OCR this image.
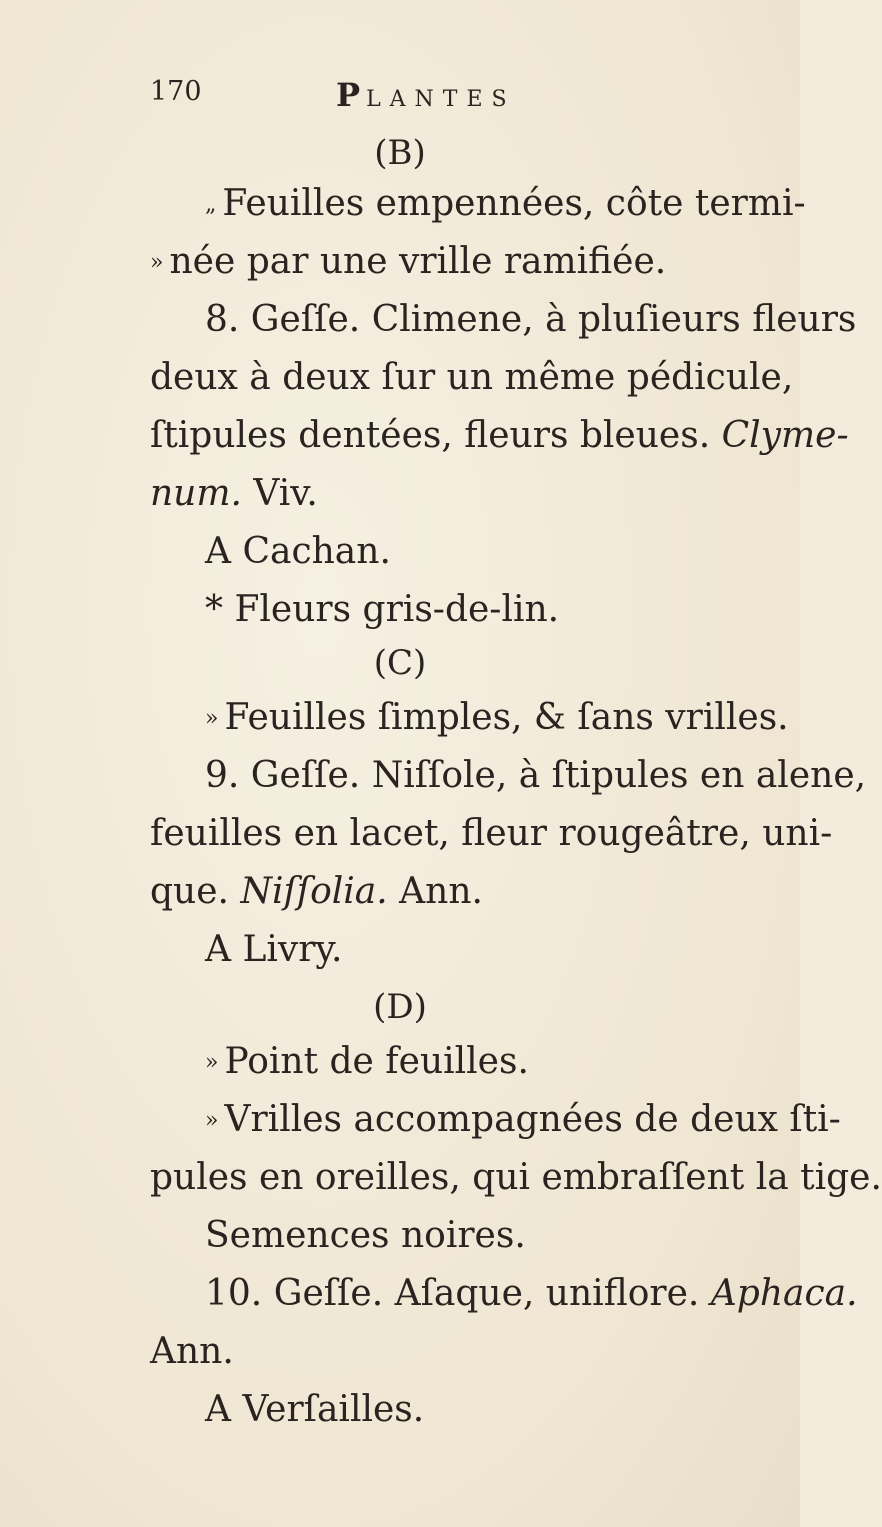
170	PLANTES
(B)
„ Feuilles empennées, côte termi-
» née par une vrille ramifiée.
8. Geſſe. Climene, à pluſieurs fleurs
deux à deux ſur un même pédicule,
ſtipules dentées, fleurs bleues. Clyme-
num. Viv.
A Cachan.
* Fleurs gris-de-lin.
(C)
» Feuilles ſimples, & ſans vrilles.
9. Geſſe. Niſſole, à ſtipules en alene,
feuilles en lacet, fleur rougeâtre, uni-
que. Niſſolia. Ann.
A Livry.
(D)
» Point de feuilles.
» Vrilles accompagnées de deux ſti-
pules en oreilles, qui embraſſent la tige.
Semences noires.
10. Geſſe. Aſaque, uniflore. Aphaca.
Ann.
A Verſailles.
